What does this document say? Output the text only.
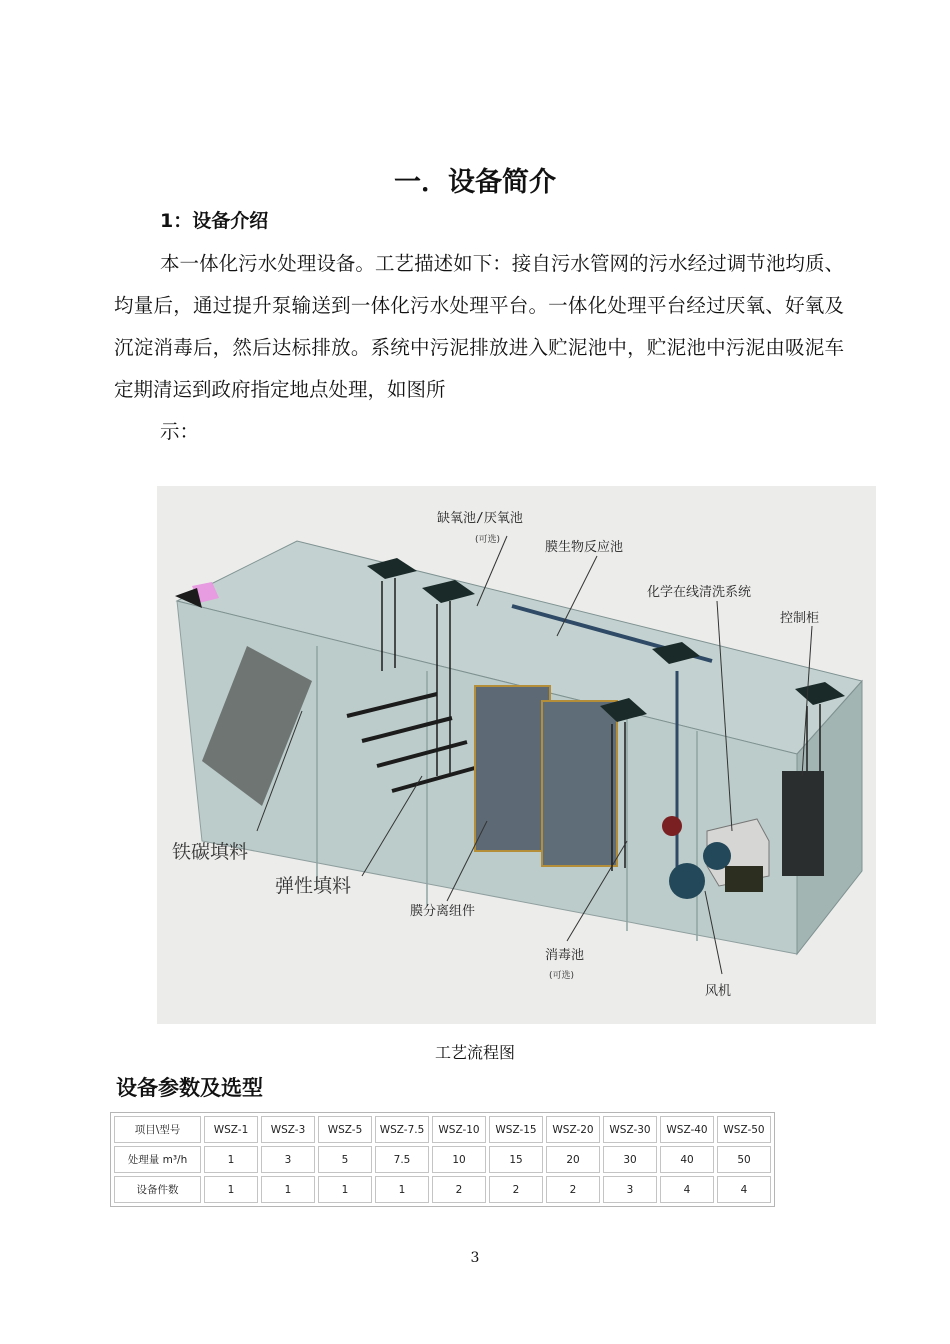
一．设备简介
1：设备介绍
本一体化污水处理设备。工艺描述如下：接自污水管网的污水经过调节池均质、均量后，通过提升泵输送到一体化污水处理平台。一体化处理平台经过厌氧、好氧及沉淀消毒后，然后达标排放。系统中污泥排放进入贮泥池中，贮泥池中污泥由吸泥车定期清运到政府指定地点处理，如图所
示：
缺氧池/厌氧池
(可选)	膜生物反应池
化学在线清洗系统
控制柜
铁碳填料
弹性填料
膜分离组件
消毒池
(可选)
风机
工艺流程图
设备参数及选型
项目\型号	WSZ-1	WSZ-3	WSZ-5	WSZ-7.5	WSZ-10	WSZ-15	WSZ-20	WSZ-30	WSZ-40	WSZ-50
处理量 m³/h	1	3	5	7.5	10	15	20	30	40	50
设备件数	1	1	1	1	2	2	2	3	4	4
3
